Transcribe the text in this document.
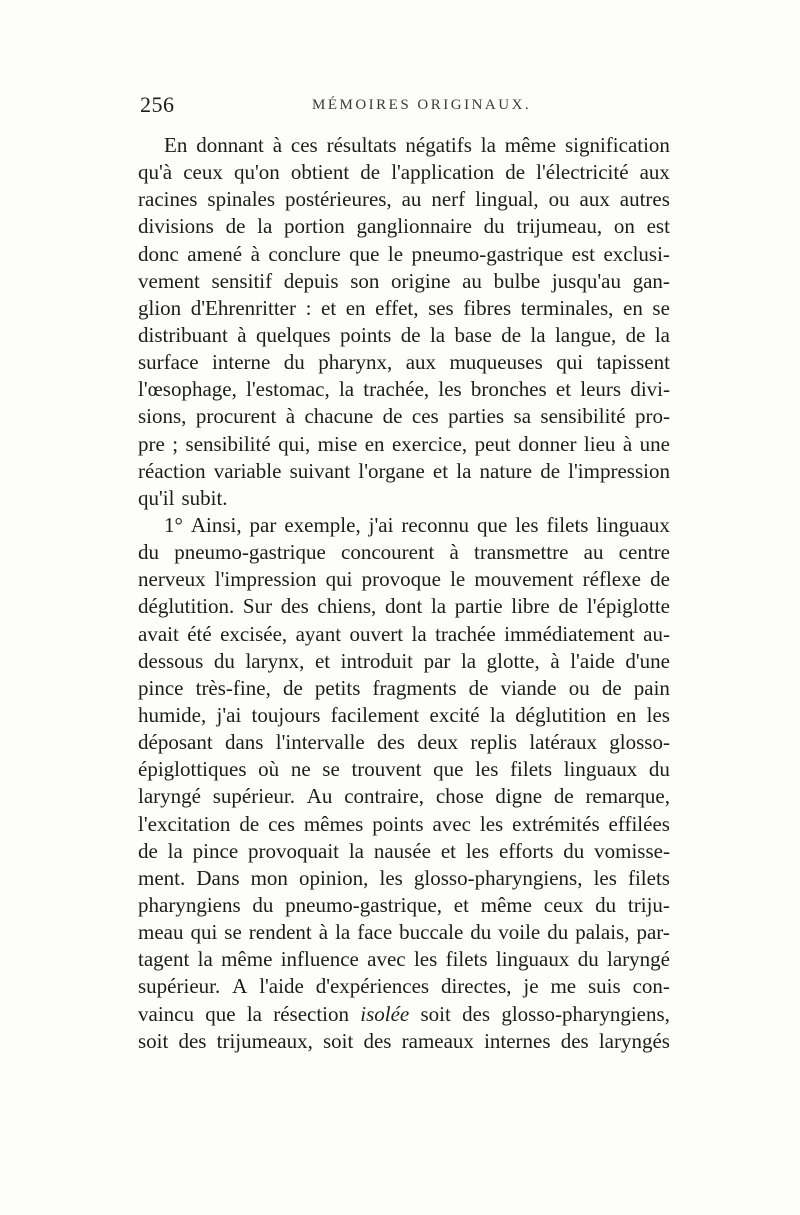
256	MÉMOIRES ORIGINAUX.
En donnant à ces résultats négatifs la même signification
qu'à ceux qu'on obtient de l'application de l'électricité aux
racines spinales postérieures, au nerf lingual, ou aux autres
divisions de la portion ganglionnaire du trijumeau, on est
donc amené à conclure que le pneumo-gastrique est exclusi-
vement sensitif depuis son origine au bulbe jusqu'au gan-
glion d'Ehrenritter : et en effet, ses fibres terminales, en se
distribuant à quelques points de la base de la langue, de la
surface interne du pharynx, aux muqueuses qui tapissent
l'œsophage, l'estomac, la trachée, les bronches et leurs divi-
sions, procurent à chacune de ces parties sa sensibilité pro-
pre ; sensibilité qui, mise en exercice, peut donner lieu à une
réaction variable suivant l'organe et la nature de l'impression
qu'il subit.
1° Ainsi, par exemple, j'ai reconnu que les filets linguaux
du pneumo-gastrique concourent à transmettre au centre
nerveux l'impression qui provoque le mouvement réflexe de
déglutition. Sur des chiens, dont la partie libre de l'épiglotte
avait été excisée, ayant ouvert la trachée immédiatement au-
dessous du larynx, et introduit par la glotte, à l'aide d'une
pince très-fine, de petits fragments de viande ou de pain
humide, j'ai toujours facilement excité la déglutition en les
déposant dans l'intervalle des deux replis latéraux glosso-
épiglottiques où ne se trouvent que les filets linguaux du
laryngé supérieur. Au contraire, chose digne de remarque,
l'excitation de ces mêmes points avec les extrémités effilées
de la pince provoquait la nausée et les efforts du vomisse-
ment. Dans mon opinion, les glosso-pharyngiens, les filets
pharyngiens du pneumo-gastrique, et même ceux du triju-
meau qui se rendent à la face buccale du voile du palais, par-
tagent la même influence avec les filets linguaux du laryngé
supérieur. A l'aide d'expériences directes, je me suis con-
vaincu que la résection isolée soit des glosso-pharyngiens,
soit des trijumeaux, soit des rameaux internes des laryngés
